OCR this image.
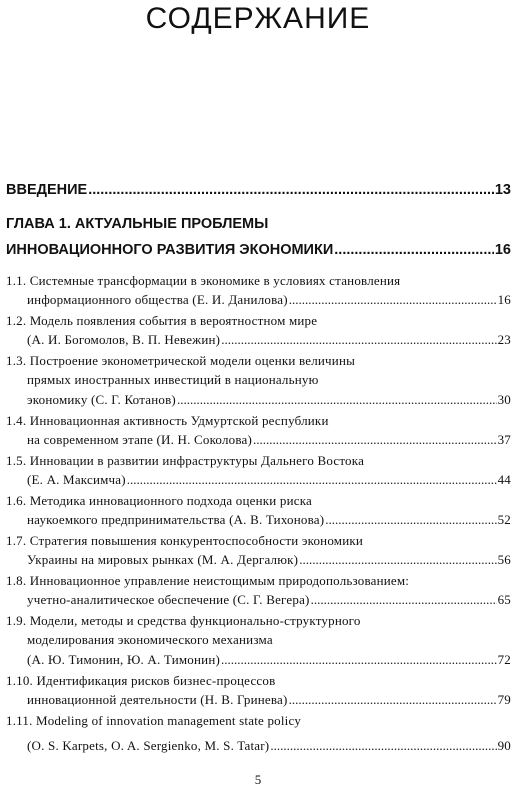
СОДЕРЖАНИЕ
ВВЕДЕНИЕ .....	13
ГЛАВА 1. АКТУАЛЬНЫЕ ПРОБЛЕМЫ
ИННОВАЦИОННОГО РАЗВИТИЯ ЭКОНОМИКИ .....	16
1.1. Системные трансформации в экономике в условиях становления
информационного общества (Е. И. Данилова) .....	16
1.2. Модель появления события в вероятностном мире
(А. И. Богомолов, В. П. Невежин) .....	23
1.3. Построение эконометрической модели оценки величины
прямых иностранных инвестиций в национальную
экономику (С. Г. Котанов) .....	30
1.4. Инновационная активность Удмуртской республики
на современном этапе (И. Н. Соколова) .....	37
1.5. Инновации в развитии инфраструктуры Дальнего Востока
(Е. А. Максимча) .....	44
1.6. Методика инновационного подхода оценки риска
наукоемкого предпринимательства (А. В. Тихонова) .....	52
1.7. Стратегия повышения конкурентоспособности экономики
Украины на мировых рынках (М. А. Дергалюк) .....	56
1.8. Инновационное управление неистощимым природопользованием:
учетно-аналитическое обеспечение (С. Г. Вегера) .....	65
1.9. Модели, методы и средства функционально-структурного
моделирования экономического механизма
(А. Ю. Тимонин, Ю. А. Тимонин) .....	72
1.10. Идентификация рисков бизнес-процессов
инновационной деятельности (Н. В. Гринева) .....	79
1.11. Modeling of innovation management state policy
(O. S. Karpets, O. A. Sergienko, M. S. Tatar) .....	90
5
